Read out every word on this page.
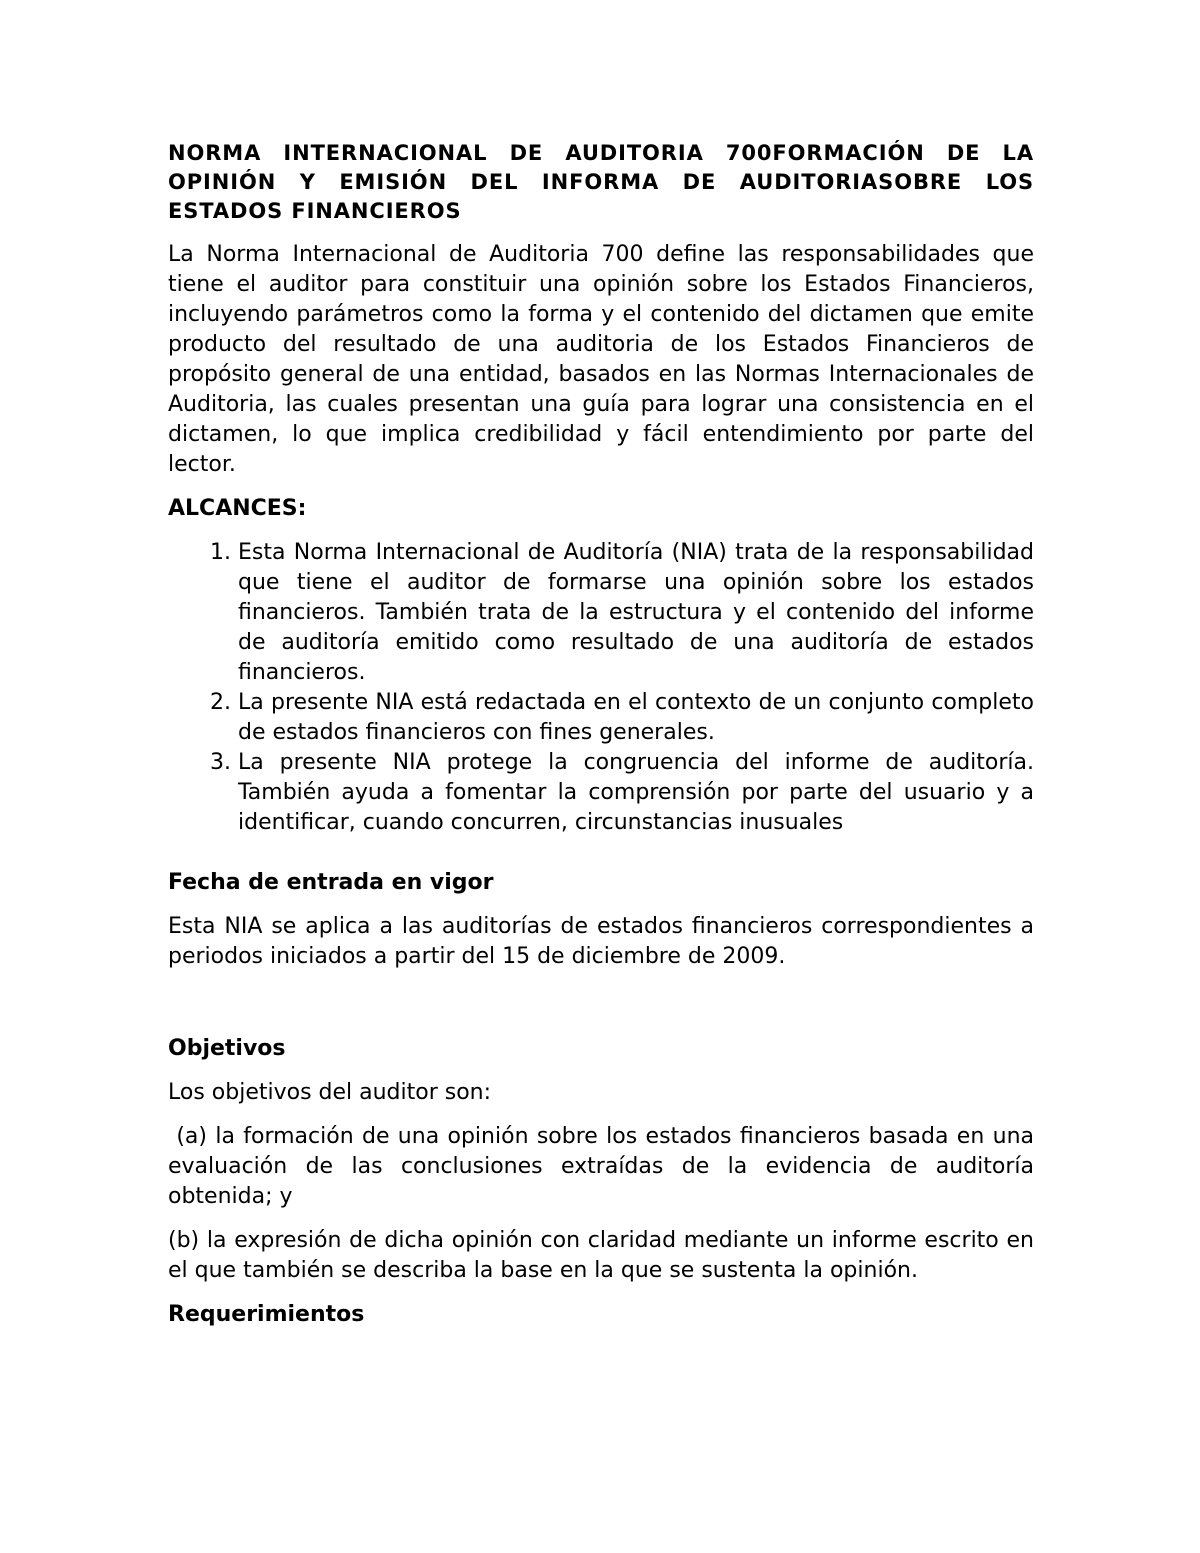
NORMA INTERNACIONAL DE AUDITORIA 700FORMACIÓN DE LA OPINIÓN Y EMISIÓN DEL INFORMA DE AUDITORIASOBRE LOS ESTADOS FINANCIEROS

La Norma Internacional de Auditoria 700 define las responsabilidades que tiene el auditor para constituir una opinión sobre los Estados Financieros, incluyendo parámetros como la forma y el contenido del dictamen que emite producto del resultado de una auditoria de los Estados Financieros de propósito general de una entidad, basados en las Normas Internacionales de Auditoria, las cuales presentan una guía para lograr una consistencia en el dictamen, lo que implica credibilidad y fácil entendimiento por parte del lector.

ALCANCES:
1. Esta Norma Internacional de Auditoría (NIA) trata de la responsabilidad que tiene el auditor de formarse una opinión sobre los estados financieros. También trata de la estructura y el contenido del informe de auditoría emitido como resultado de una auditoría de estados financieros.
2. La presente NIA está redactada en el contexto de un conjunto completo de estados financieros con fines generales.
3. La presente NIA protege la congruencia del informe de auditoría. También ayuda a fomentar la comprensión por parte del usuario y a identificar, cuando concurren, circunstancias inusuales
Fecha de entrada en vigor

Esta NIA se aplica a las auditorías de estados financieros correspondientes a periodos iniciados a partir del 15 de diciembre de 2009.

Objetivos

Los objetivos del auditor son:

(a) la formación de una opinión sobre los estados financieros basada en una evaluación de las conclusiones extraídas de la evidencia de auditoría obtenida; y

(b) la expresión de dicha opinión con claridad mediante un informe escrito en el que también se describa la base en la que se sustenta la opinión.

Requerimientos
